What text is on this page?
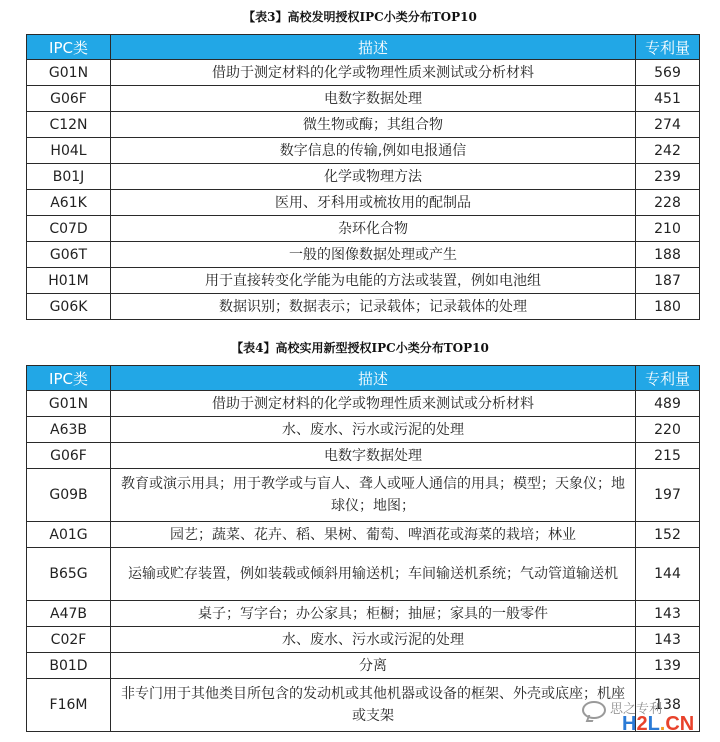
【表3】高校发明授权IPC小类分布TOP10
IPC类	描述	专利量
G01N	借助于测定材料的化学或物理性质来测试或分析材料	569
G06F	电数字数据处理	451
C12N	微生物或酶；其组合物	274
H04L	数字信息的传输,例如电报通信	242
B01J	化学或物理方法	239
A61K	医用、牙科用或梳妆用的配制品	228
C07D	杂环化合物	210
G06T	一般的图像数据处理或产生	188
H01M	用于直接转变化学能为电能的方法或装置，例如电池组	187
G06K	数据识别；数据表示；记录载体；记录载体的处理	180
【表4】高校实用新型授权IPC小类分布TOP10
IPC类	描述	专利量
G01N	借助于测定材料的化学或物理性质来测试或分析材料	489
A63B	水、废水、污水或污泥的处理	220
G06F	电数字数据处理	215
G09B	教育或演示用具；用于教学或与盲人、聋人或哑人通信的用具；模型；天象仪；地球仪；地图；	197
A01G	园艺；蔬菜、花卉、稻、果树、葡萄、啤酒花或海菜的栽培；林业	152
B65G	运输或贮存装置，例如装载或倾斜用输送机；车间输送机系统；气动管道输送机	144
A47B	桌子；写字台；办公家具；柜橱；抽屉；家具的一般零件	143
C02F	水、废水、污水或污泥的处理	143
B01D	分离	139
F16M	非专门用于其他类目所包含的发动机或其他机器或设备的框架、外壳或底座；机座或支架	138
思之专利
H2L.CN
